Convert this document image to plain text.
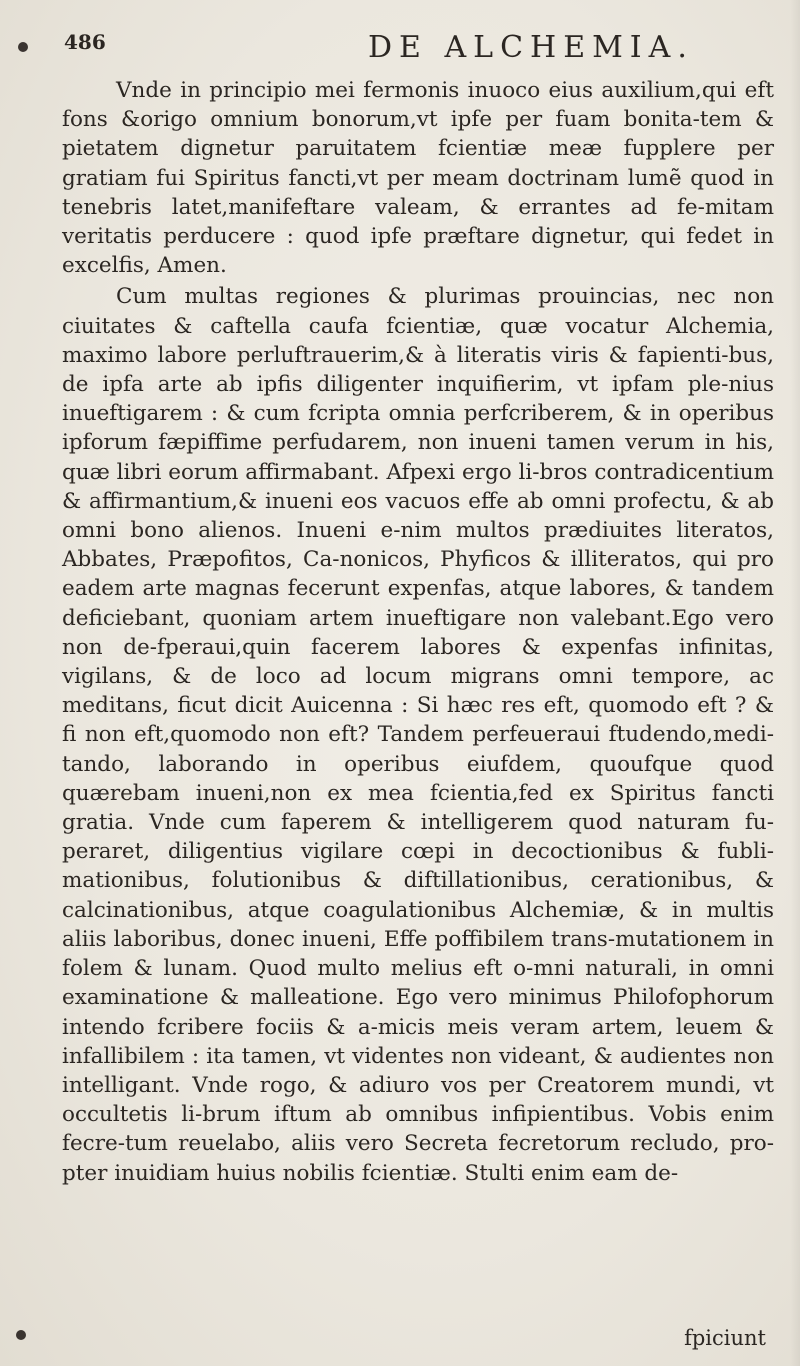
486	DE ALCHEMIA.

Vnde in principio mei fermonis inuoco eius auxilium,qui eft fons &origo omnium bonorum,vt ipfe per fuam bonita-tem & pietatem dignetur paruitatem fcientiæ meæ fupplere per gratiam fui Spiritus fancti,vt per meam doctrinam lumẽ quod in tenebris latet,manifeftare valeam, & errantes ad fe-mitam veritatis perducere : quod ipfe præftare dignetur, qui fedet in excelfis, Amen.

Cum multas regiones & plurimas prouincias, nec non ciuitates & caftella caufa fcientiæ, quæ vocatur Alchemia, maximo labore perluftrauerim,& à literatis viris & fapienti-bus, de ipfa arte ab ipfis diligenter inquifierim, vt ipfam ple-nius inueftigarem : & cum fcripta omnia perfcriberem, & in operibus ipforum fæpiffime perfudarem, non inueni tamen verum in his, quæ libri eorum affirmabant. Afpexi ergo li-bros contradicentium & affirmantium,& inueni eos vacuos effe ab omni profectu, & ab omni bono alienos. Inueni e-nim multos prædiuites literatos, Abbates, Præpofitos, Ca-nonicos, Phyficos & illiteratos, qui pro eadem arte magnas fecerunt expenfas, atque labores, & tandem deficiebant, quoniam artem inueftigare non valebant.Ego vero non de-fperaui,quin facerem labores & expenfas infinitas, vigilans, & de loco ad locum migrans omni tempore, ac meditans, ficut dicit Auicenna : Si hæc res eft, quomodo eft ? & fi non eft,quomodo non eft? Tandem perfeueraui ftudendo,medi-tando, laborando in operibus eiufdem, quoufque quod quærebam inueni,non ex mea fcientia,fed ex Spiritus fancti gratia. Vnde cum faperem & intelligerem quod naturam fu-peraret, diligentius vigilare cœpi in decoctionibus & fubli-mationibus, folutionibus & diftillationibus, cerationibus, & calcinationibus, atque coagulationibus Alchemiæ, & in multis aliis laboribus, donec inueni, Effe poffibilem trans-mutationem in folem & lunam. Quod multo melius eft o-mni naturali, in omni examinatione & malleatione. Ego vero minimus Philofophorum intendo fcribere fociis & a-micis meis veram artem, leuem & infallibilem : ita tamen, vt videntes non videant, & audientes non intelligant. Vnde rogo, & adiuro vos per Creatorem mundi, vt occultetis li-brum iftum ab omnibus infipientibus. Vobis enim fecre-tum reuelabo, aliis vero Secreta fecretorum recludo, pro-pter inuidiam huius nobilis fcientiæ. Stulti enim eam de-

fpiciunt
